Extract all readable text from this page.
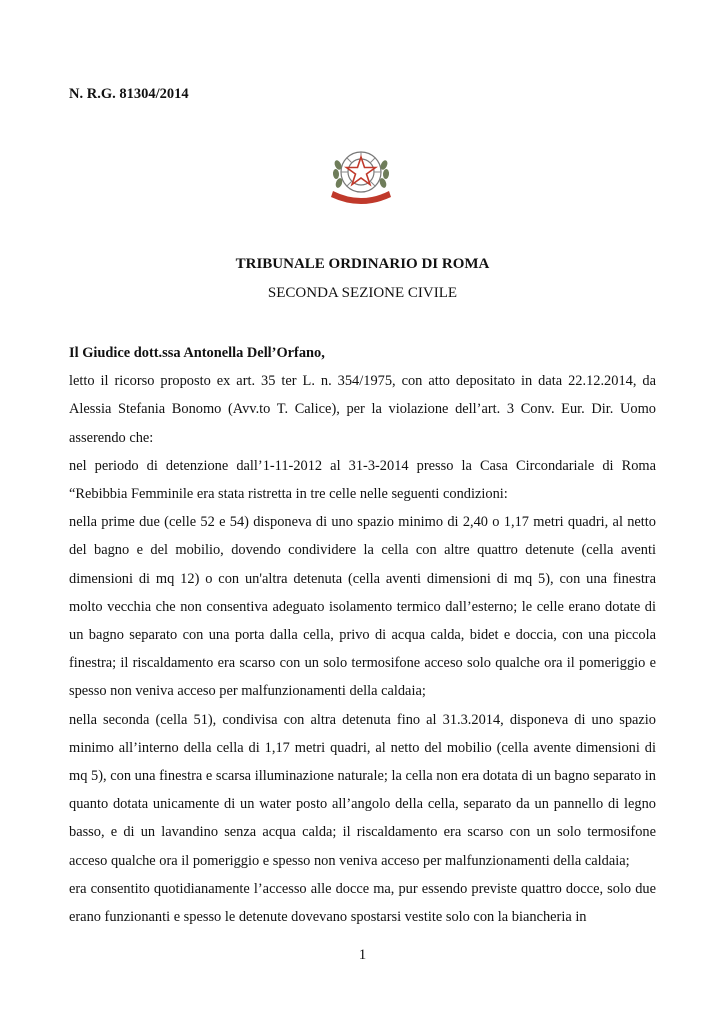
N. R.G. 81304/2014
TRIBUNALE ORDINARIO DI ROMA
SECONDA SEZIONE CIVILE

Il Giudice dott.ssa Antonella Dell’Orfano,

letto il ricorso proposto ex art. 35 ter L. n. 354/1975, con atto depositato in data 22.12.2014, da Alessia Stefania Bonomo (Avv.to T. Calice), per la violazione dell’art. 3 Conv. Eur. Dir. Uomo asserendo che:

nel periodo di detenzione dall’1-11-2012 al 31-3-2014 presso la Casa Circondariale di Roma “Rebibbia Femminile era stata ristretta in tre celle nelle seguenti condizioni:

nella prime due (celle 52 e 54) disponeva di uno spazio minimo di 2,40 o 1,17 metri quadri, al netto del bagno e del mobilio, dovendo condividere la cella con altre quattro detenute (cella aventi dimensioni di mq 12) o con un'altra detenuta (cella aventi dimensioni di mq 5), con una finestra molto vecchia che non consentiva adeguato isolamento termico dall’esterno; le celle erano dotate di un bagno separato con una porta dalla cella, privo di acqua calda, bidet e doccia, con una piccola finestra; il riscaldamento era scarso con un solo termosifone acceso solo qualche ora il pomeriggio e spesso non veniva acceso per malfunzionamenti della caldaia;

nella seconda (cella 51), condivisa con altra detenuta fino al 31.3.2014, disponeva di uno spazio minimo all’interno della cella di 1,17 metri quadri, al netto del mobilio (cella avente dimensioni di mq 5), con una finestra e scarsa illuminazione naturale; la cella non era dotata di un bagno separato in quanto dotata unicamente di un water posto all’angolo della cella, separato da un pannello di legno basso, e di un lavandino senza acqua calda; il riscaldamento era scarso con un solo termosifone acceso qualche ora il pomeriggio e spesso non veniva acceso per malfunzionamenti della caldaia;

era consentito quotidianamente l’accesso alle docce ma, pur essendo previste quattro docce, solo due erano funzionanti e spesso le detenute dovevano spostarsi vestite solo con la biancheria in

1
